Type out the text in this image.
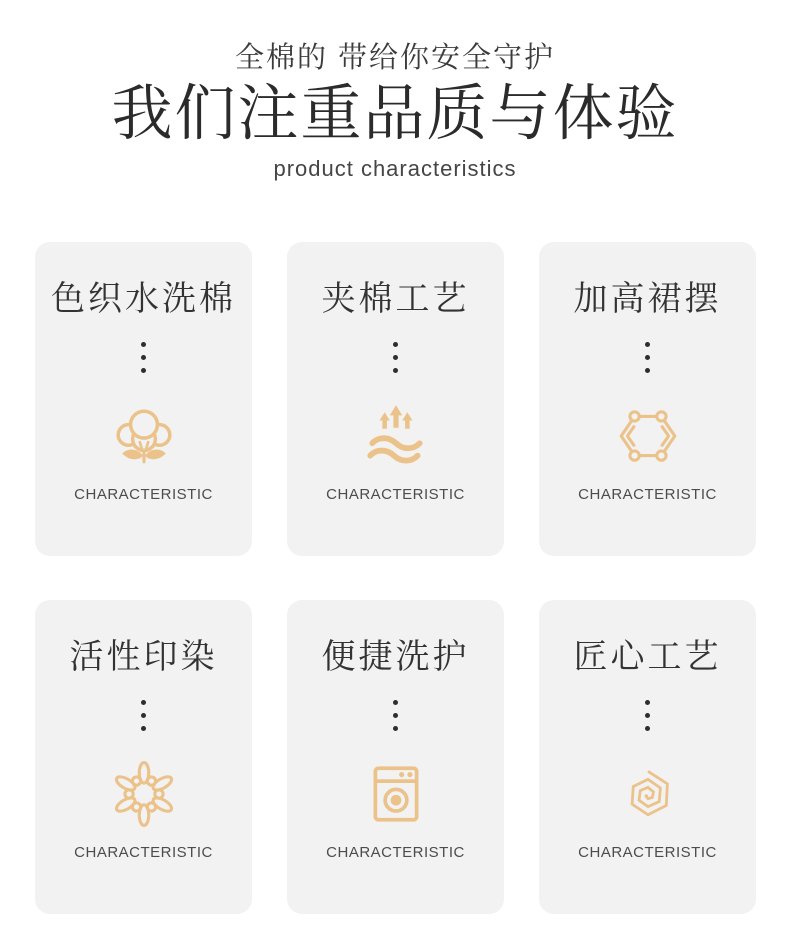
全棉的 带给你安全守护
我们注重品质与体验
product characteristics
色织水洗棉
CHARACTERISTIC
夹棉工艺
CHARACTERISTIC
加高裙摆
CHARACTERISTIC
活性印染
CHARACTERISTIC
便捷洗护
CHARACTERISTIC
匠心工艺
CHARACTERISTIC
